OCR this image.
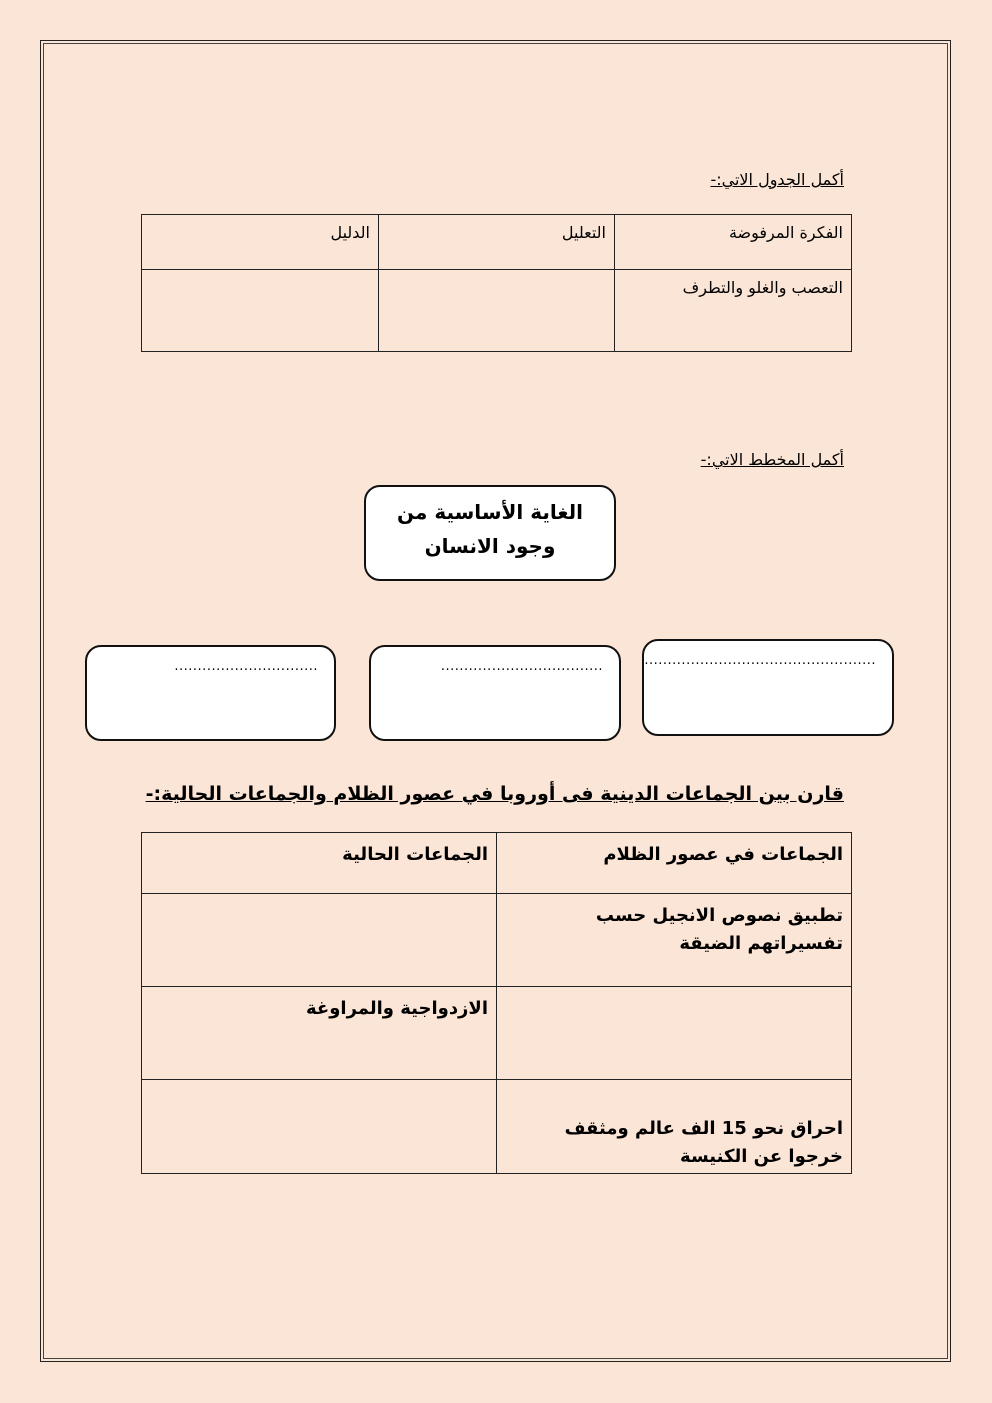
أكمل الجدول الاتي:-
الفكرة المرفوضة	التعليل	الدليل
التعصب والغلو والتطرف		
أكمل المخطط الاتي:-
الغاية الأساسية من
وجود الانسان
..................................................
...................................
...............................
قارن بين الجماعات الدينية فى أوروبا في عصور الظلام والجماعات الحالية:-
الجماعات في عصور الظلام	الجماعات الحالية

تطبيق نصوص الانجيل حسب
تفسيراتهم الضيقة	

	الازدواجية والمراوغة

احراق نحو 15 الف عالم ومثقف
خرجوا عن الكنيسة	
